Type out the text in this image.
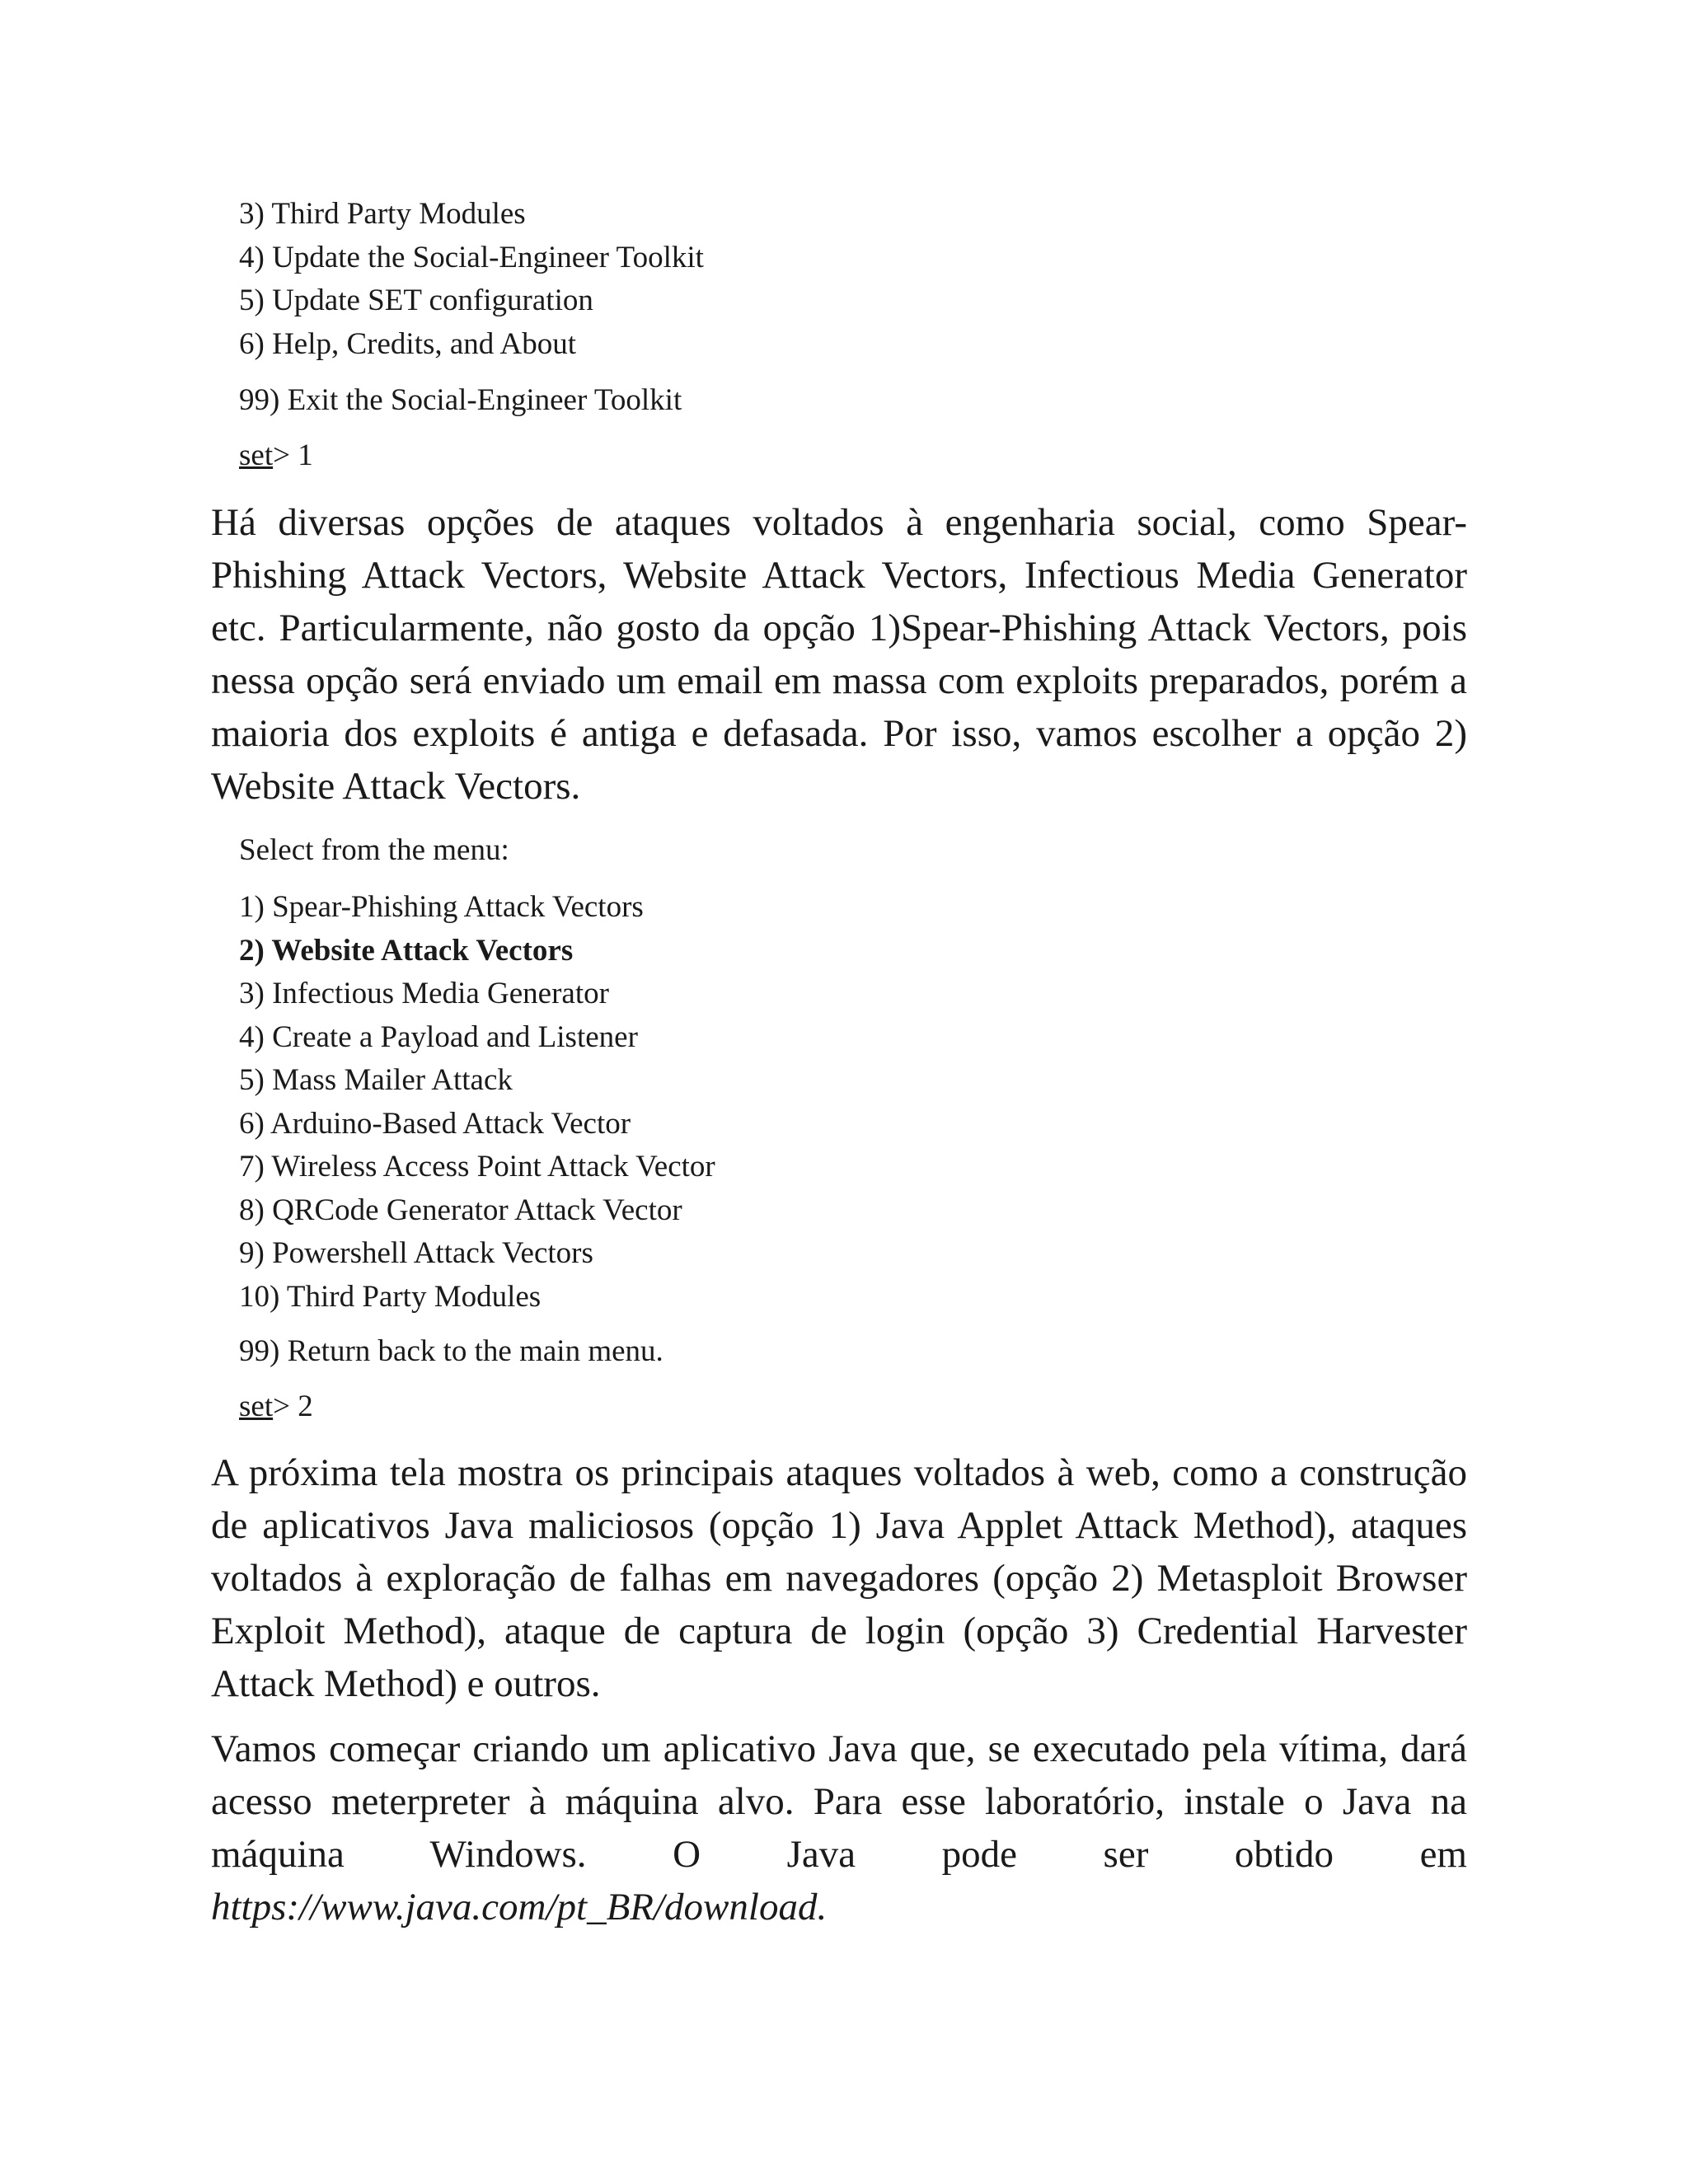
3) Third Party Modules
4) Update the Social-Engineer Toolkit
5) Update SET configuration
6) Help, Credits, and About
99) Exit the Social-Engineer Toolkit
set> 1

Há diversas opções de ataques voltados à engenharia social, como Spear-Phishing Attack Vectors, Website Attack Vectors, Infectious Media Generator etc. Particularmente, não gosto da opção 1)Spear-Phishing Attack Vectors, pois nessa opção será enviado um email em massa com exploits preparados, porém a maioria dos exploits é antiga e defasada. Por isso, vamos escolher a opção 2) Website Attack Vectors.

Select from the menu:
1) Spear-Phishing Attack Vectors
2) Website Attack Vectors
3) Infectious Media Generator
4) Create a Payload and Listener
5) Mass Mailer Attack
6) Arduino-Based Attack Vector
7) Wireless Access Point Attack Vector
8) QRCode Generator Attack Vector
9) Powershell Attack Vectors
10) Third Party Modules
99) Return back to the main menu.
set> 2

A próxima tela mostra os principais ataques voltados à web, como a construção de aplicativos Java maliciosos (opção 1) Java Applet Attack Method), ataques voltados à exploração de falhas em navegadores (opção 2) Metasploit Browser Exploit Method), ataque de captura de login (opção 3) Credential Harvester Attack Method) e outros.

Vamos começar criando um aplicativo Java que, se executado pela vítima, dará acesso meterpreter à máquina alvo. Para esse laboratório, instale o Java na máquina Windows. O Java pode ser obtido em https://www.java.com/pt_BR/download.
